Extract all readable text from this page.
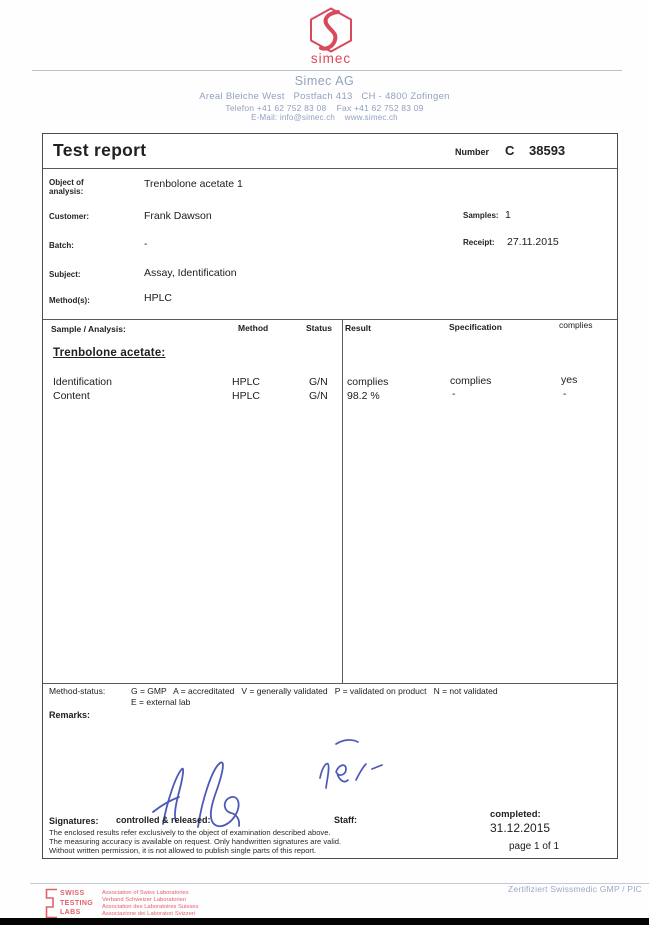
simec
Simec AG
Areal Bleiche West   Postfach 413   CH - 4800 Zofingen
Telefon +41 62 752 83 08    Fax +41 62 752 83 09
E-Mail: info@simec.ch    www.simec.ch
Test report	Number C 38593
Object of
analysis:
Trenbolone acetate 1
Customer:	Frank Dawson	Samples: 1
Batch:	-	Receipt: 27.11.2015
Subject:	Assay, Identification
Method(s):	HPLC
Sample / Analysis:	Method	Status Result	Specification	complies
Trenbolone acetate:
Identification	HPLC	G/N complies	complies	yes
Content	HPLC	G/N 98.2 %	-	-
Method-status:	G = GMP   A = accreditated   V = generally validated   P = validated on product   N = not validated
E = external lab
Remarks:
Signatures: controlled & released:	Staff:	completed:
31.12.2015
page 1 of 1
The enclosed results refer exclusively to the object of examination described above.
The measuring accuracy is available on request. Only handwritten signatures are valid.
Without written permission, it is not allowed to publish single parts of this report.
SWISS
TESTING
LABS
Association of Swiss Laboratories
Verband Schweizer Laboratorien
Association des Laboratoires Suisses
Associazione dei Laboratori Svizzeri
Zertifiziert Swissmedic GMP / PIC
